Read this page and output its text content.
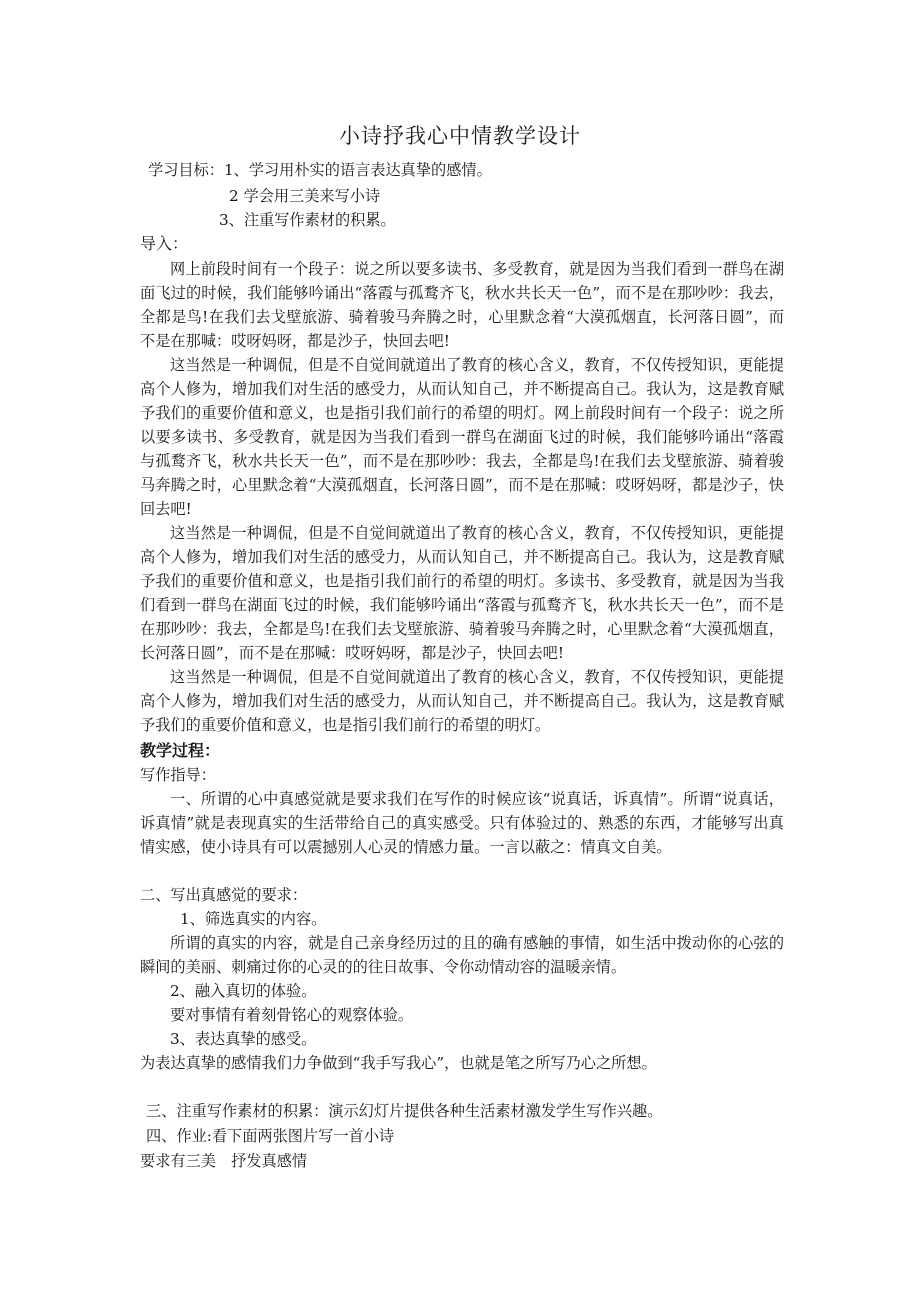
小诗抒我心中情教学设计
学习目标：1、学习用朴实的语言表达真挚的感情。
2 学会用三美来写小诗
3、注重写作素材的积累。
导入：
网上前段时间有一个段子：说之所以要多读书、多受教育，就是因为当我们看到一群鸟在湖面飞过的时候，我们能够吟诵出“落霞与孤鹜齐飞，秋水共长天一色”，而不是在那吵吵：我去，全都是鸟!在我们去戈壁旅游、骑着骏马奔腾之时，心里默念着“大漠孤烟直，长河落日圆”，而不是在那喊：哎呀妈呀，都是沙子，快回去吧!
这当然是一种调侃，但是不自觉间就道出了教育的核心含义，教育，不仅传授知识，更能提高个人修为，增加我们对生活的感受力，从而认知自己，并不断提高自己。我认为，这是教育赋予我们的重要价值和意义，也是指引我们前行的希望的明灯。网上前段时间有一个段子：说之所以要多读书、多受教育，就是因为当我们看到一群鸟在湖面飞过的时候，我们能够吟诵出“落霞与孤鹜齐飞，秋水共长天一色”，而不是在那吵吵：我去，全都是鸟!在我们去戈壁旅游、骑着骏马奔腾之时，心里默念着“大漠孤烟直，长河落日圆”，而不是在那喊：哎呀妈呀，都是沙子，快回去吧!
这当然是一种调侃，但是不自觉间就道出了教育的核心含义，教育，不仅传授知识，更能提高个人修为，增加我们对生活的感受力，从而认知自己，并不断提高自己。我认为，这是教育赋予我们的重要价值和意义，也是指引我们前行的希望的明灯。多读书、多受教育，就是因为当我们看到一群鸟在湖面飞过的时候，我们能够吟诵出“落霞与孤鹜齐飞，秋水共长天一色”，而不是在那吵吵：我去，全都是鸟!在我们去戈壁旅游、骑着骏马奔腾之时，心里默念着“大漠孤烟直，长河落日圆”，而不是在那喊：哎呀妈呀，都是沙子，快回去吧!
这当然是一种调侃，但是不自觉间就道出了教育的核心含义，教育，不仅传授知识，更能提高个人修为，增加我们对生活的感受力，从而认知自己，并不断提高自己。我认为，这是教育赋予我们的重要价值和意义，也是指引我们前行的希望的明灯。
教学过程：
写作指导：
一、所谓的心中真感觉就是要求我们在写作的时候应该“说真话，诉真情”。所谓“说真话，诉真情”就是表现真实的生活带给自己的真实感受。只有体验过的、熟悉的东西，才能够写出真情实感，使小诗具有可以震撼别人心灵的情感力量。一言以蔽之：情真文自美。
二、写出真感觉的要求：
1、筛选真实的内容。
所谓的真实的内容，就是自己亲身经历过的且的确有感触的事情，如生活中拨动你的心弦的瞬间的美丽、刺痛过你的心灵的的往日故事、令你动情动容的温暖亲情。
2、融入真切的体验。
要对事情有着刻骨铭心的观察体验。
3、表达真挚的感受。
为表达真挚的感情我们力争做到“我手写我心”，也就是笔之所写乃心之所想。
三、注重写作素材的积累：演示幻灯片提供各种生活素材激发学生写作兴趣。
四、作业:看下面两张图片写一首小诗
要求有三美　抒发真感情
